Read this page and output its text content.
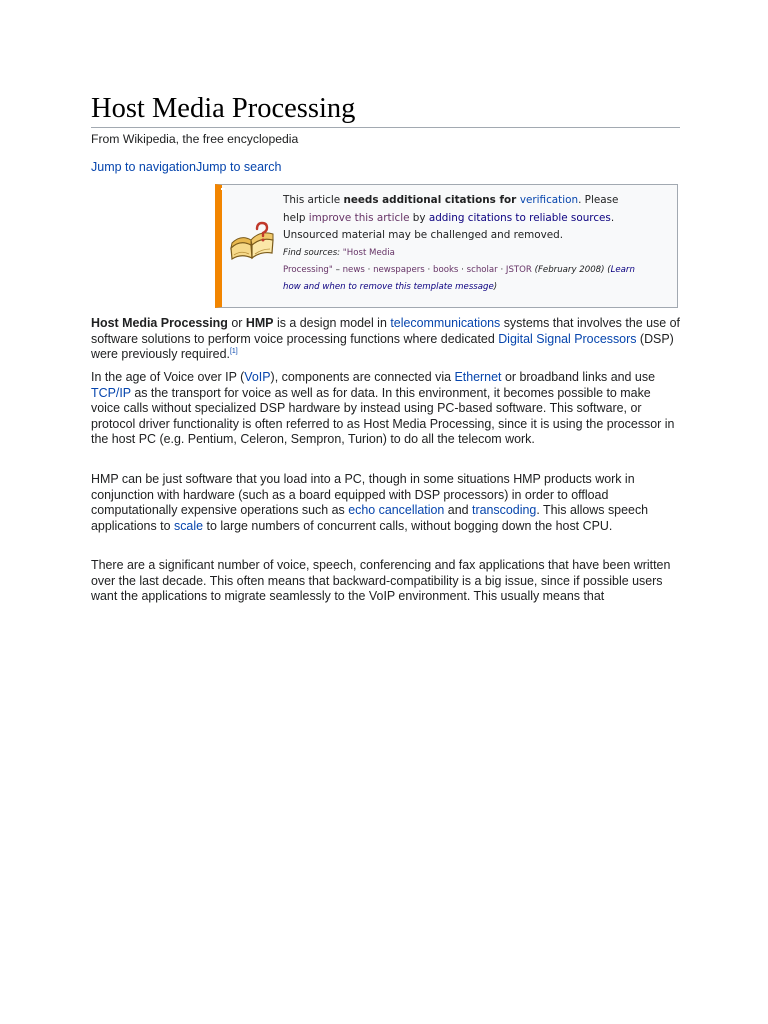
Host Media Processing
From Wikipedia, the free encyclopedia
Jump to navigationJump to search
This article needs additional citations for verification. Please
help improve this article by adding citations to reliable sources.
Unsourced material may be challenged and removed.
Find sources: "Host Media
Processing" – news · newspapers · books · scholar · JSTOR (February 2008) (Learn
how and when to remove this template message)

Host Media Processing or HMP is a design model in telecommunications systems that involves the use of software solutions to perform voice processing functions where dedicated Digital Signal Processors (DSP) were previously required.[1]

In the age of Voice over IP (VoIP), components are connected via Ethernet or broadband links and use TCP/IP as the transport for voice as well as for data. In this environment, it becomes possible to make voice calls without specialized DSP hardware by instead using PC-based software. This software, or protocol driver functionality is often referred to as Host Media Processing, since it is using the processor in the host PC (e.g. Pentium, Celeron, Sempron, Turion) to do all the telecom work.

HMP can be just software that you load into a PC, though in some situations HMP products work in conjunction with hardware (such as a board equipped with DSP processors) in order to offload computationally expensive operations such as echo cancellation and transcoding. This allows speech applications to scale to large numbers of concurrent calls, without bogging down the host CPU.

There are a significant number of voice, speech, conferencing and fax applications that have been written over the last decade. This often means that backward-compatibility is a big issue, since if possible users want the applications to migrate seamlessly to the VoIP environment. This usually means that
